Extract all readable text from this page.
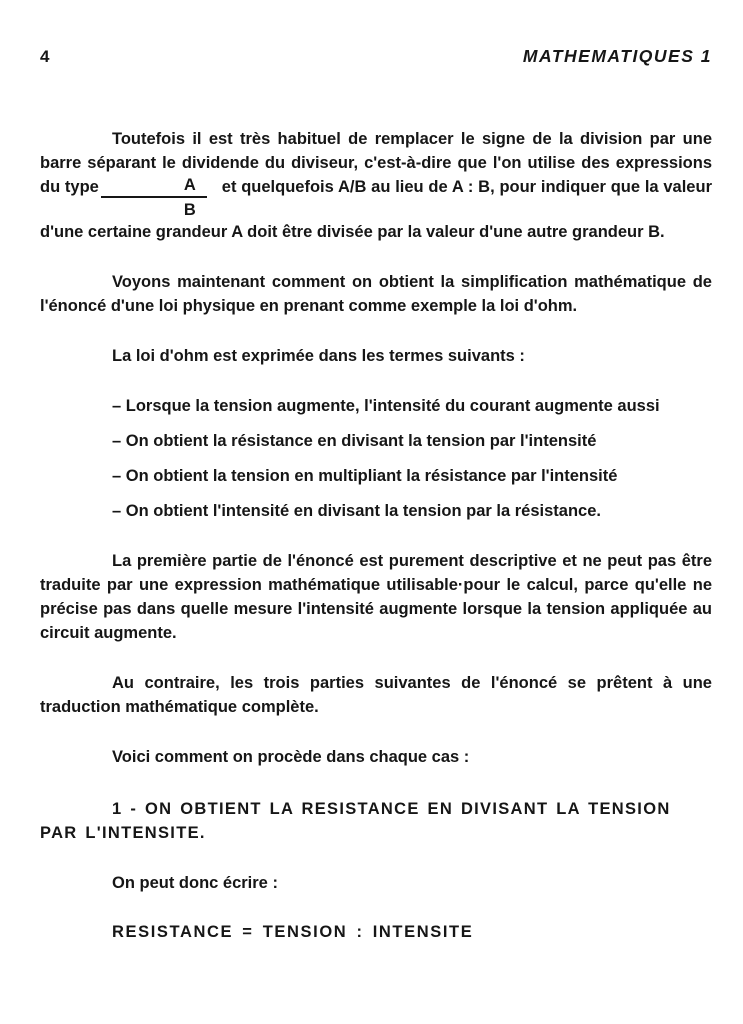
4	MATHEMATIQUES 1

Toutefois il est très habituel de remplacer le signe de la division par une barre séparant le dividende du diviseur, c'est-à-dire que l'on utilise des expressions du type $\frac{A}{B}$ et quelquefois A/B au lieu de A : B, pour indiquer que la valeur d'une certaine grandeur A doit être divisée par la valeur d'une autre grandeur B.

Voyons maintenant comment on obtient la simplification mathématique de l'énoncé d'une loi physique en prenant comme exemple la loi d'ohm.

La loi d'ohm est exprimée dans les termes suivants :

– Lorsque la tension augmente, l'intensité du courant augmente aussi
– On obtient la résistance en divisant la tension par l'intensité
– On obtient la tension en multipliant la résistance par l'intensité
– On obtient l'intensité en divisant la tension par la résistance.

La première partie de l'énoncé est purement descriptive et ne peut pas être traduite par une expression mathématique utilisable·pour le calcul, parce qu'elle ne précise pas dans quelle mesure l'intensité augmente lorsque la tension appliquée au circuit augmente.

Au contraire, les trois parties suivantes de l'énoncé se prêtent à une traduction mathématique complète.

Voici comment on procède dans chaque cas :

1 - ON OBTIENT LA RESISTANCE EN DIVISANT LA TENSION PAR L'INTENSITE.

On peut donc écrire :

RESISTANCE = TENSION : INTENSITE
